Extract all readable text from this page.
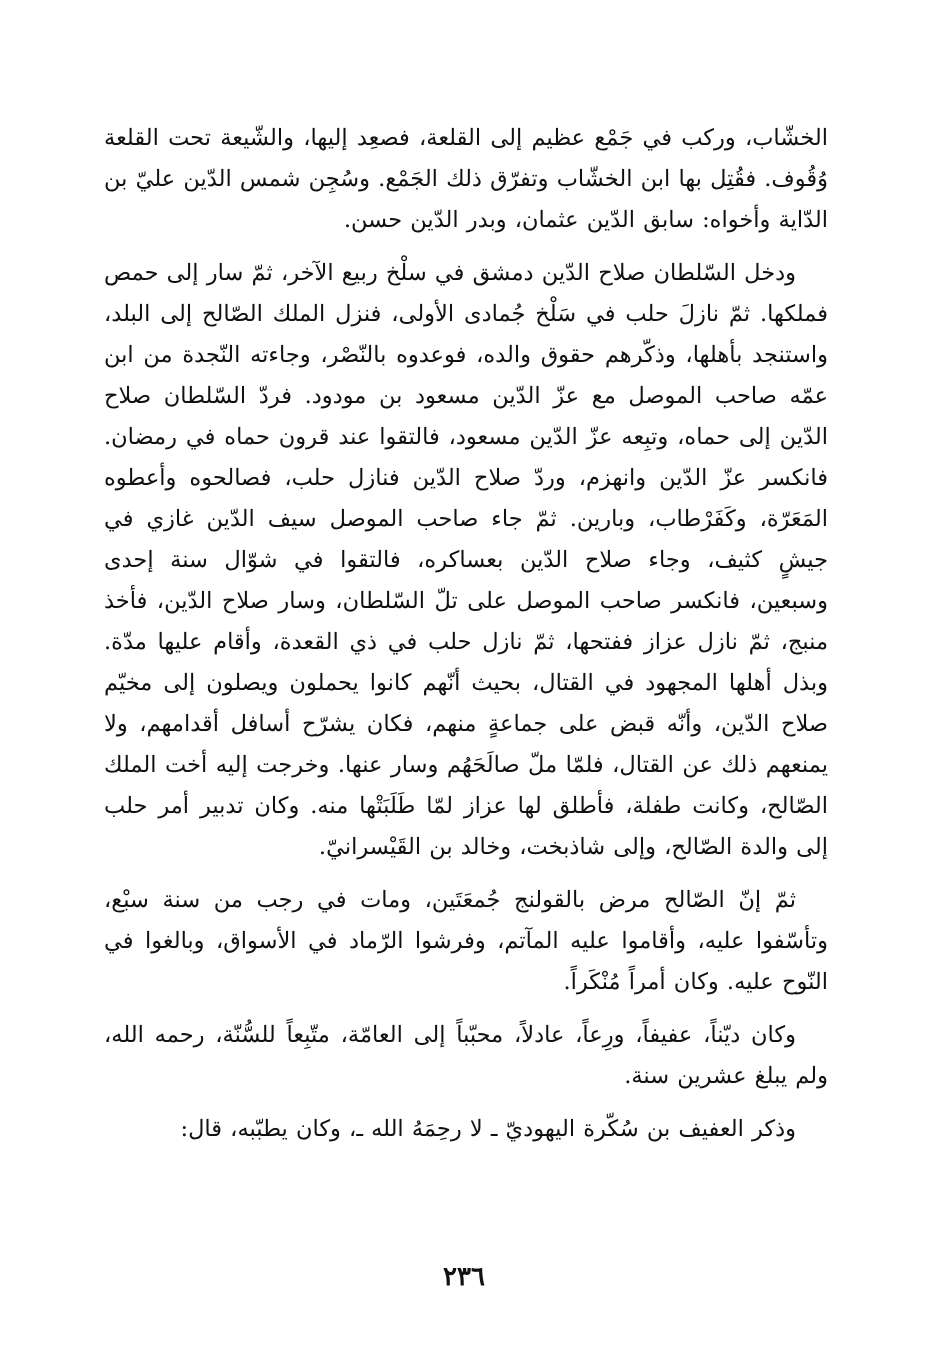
الخشّاب، وركب في جَمْع عظيم إلى القلعة، فصعِد إليها، والشّيعة تحت القلعة وُقُوف. فقُتِل بها ابن الخشّاب وتفرّق ذلك الجَمْع. وسُجِن شمس الدّين عليّ بن الدّاية وأخواه: سابق الدّين عثمان، وبدر الدّين حسن.

ودخل السّلطان صلاح الدّين دمشق في سلْخ ربيع الآخر، ثمّ سار إلى حمص فملكها. ثمّ نازلَ حلب في سَلْخ جُمادى الأولى، فنزل الملك الصّالح إلى البلد، واستنجد بأهلها، وذكّرهم حقوق والده، فوعدوه بالنّصْر، وجاءته النّجدة من ابن عمّه صاحب الموصل مع عزّ الدّين مسعود بن مودود. فردّ السّلطان صلاح الدّين إلى حماه، وتبِعه عزّ الدّين مسعود، فالتقوا عند قرون حماه في رمضان. فانكسر عزّ الدّين وانهزم، وردّ صلاح الدّين فنازل حلب، فصالحوه وأعطوه المَعَرّة، وكَفَرْطاب، وبارين. ثمّ جاء صاحب الموصل سيف الدّين غازي في جيشٍ كثيف، وجاء صلاح الدّين بعساكره، فالتقوا في شوّال سنة إحدى وسبعين، فانكسر صاحب الموصل على تلّ السّلطان، وسار صلاح الدّين، فأخذ منبج، ثمّ نازل عزاز ففتحها، ثمّ نازل حلب في ذي القعدة، وأقام عليها مدّة. وبذل أهلها المجهود في القتال، بحيث أنّهم كانوا يحملون ويصلون إلى مخيّم صلاح الدّين، وأنّه قبض على جماعةٍ منهم، فكان يشرّح أسافل أقدامهم، ولا يمنعهم ذلك عن القتال، فلمّا ملّ صالَحَهُم وسار عنها. وخرجت إليه أخت الملك الصّالح، وكانت طفلة، فأطلق لها عزاز لمّا طَلَبَتْها منه. وكان تدبير أمر حلب إلى والدة الصّالح، وإلى شاذبخت، وخالد بن القَيْسرانيّ.

ثمّ إنّ الصّالح مرض بالقولنج جُمعَتَين، ومات في رجب من سنة سبْع، وتأسّفوا عليه، وأقاموا عليه المآتم، وفرشوا الرّماد في الأسواق، وبالغوا في النّوح عليه. وكان أمراً مُنْكَراً.

وكان ديّناً، عفيفاً، ورِعاً، عادلاً، محبّباً إلى العامّة، متّبِعاً للسُّنّة، رحمه الله، ولم يبلغ عشرين سنة.

وذكر العفيف بن سُكّرة اليهوديّ ـ لا رحِمَهُ الله ـ، وكان يطبّبه، قال:

٢٣٦
